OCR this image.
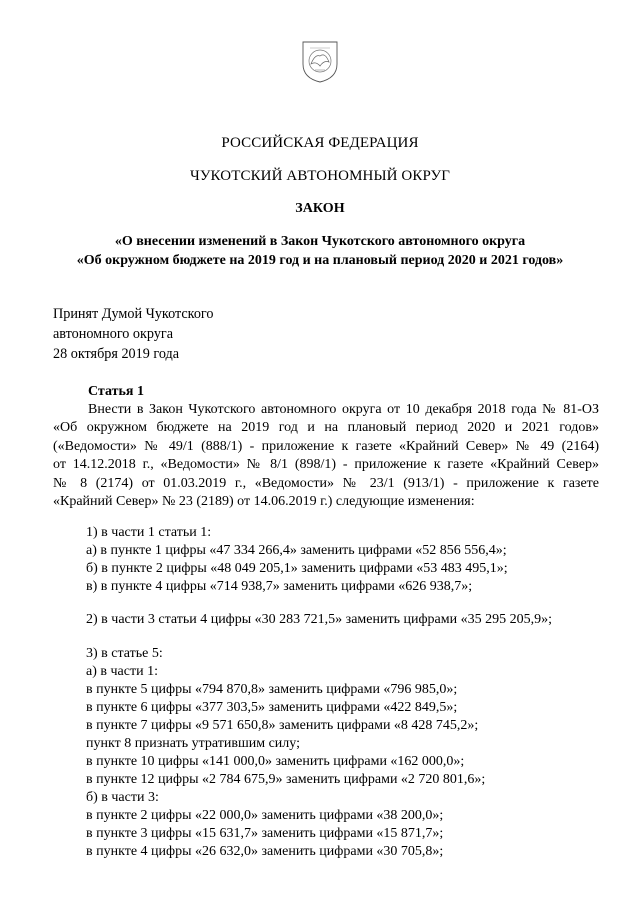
РОССИЙСКАЯ ФЕДЕРАЦИЯ
ЧУКОТСКИЙ АВТОНОМНЫЙ ОКРУГ
ЗАКОН
«О внесении изменений в Закон Чукотского автономного округа
«Об окружном бюджете на 2019 год и на плановый период 2020 и 2021 годов»
Принят Думой Чукотского
автономного округа
28 октября 2019 года
Статья 1
Внести в Закон Чукотского автономного округа от 10 декабря 2018 года № 81-ОЗ
«Об окружном бюджете на 2019 год и на плановый период 2020 и 2021 годов»
(«Ведомости» № 49/1 (888/1) - приложение к газете «Крайний Север» № 49 (2164)
от 14.12.2018 г., «Ведомости» № 8/1 (898/1) - приложение к газете «Крайний Север»
№ 8 (2174) от 01.03.2019 г., «Ведомости» № 23/1 (913/1) - приложение к газете
«Крайний Север» № 23 (2189) от 14.06.2019 г.) следующие изменения:
1) в части 1 статьи 1:
а) в пункте 1 цифры «47 334 266,4» заменить цифрами «52 856 556,4»;
б) в пункте 2 цифры «48 049 205,1» заменить цифрами «53 483 495,1»;
в) в пункте 4 цифры «714 938,7» заменить цифрами «626 938,7»;
2) в части 3 статьи 4 цифры «30 283 721,5» заменить цифрами «35 295 205,9»;
3) в статье 5:
а) в части 1:
в пункте 5 цифры «794 870,8» заменить цифрами «796 985,0»;
в пункте 6 цифры «377 303,5» заменить цифрами «422 849,5»;
в пункте 7 цифры «9 571 650,8» заменить цифрами «8 428 745,2»;
пункт 8 признать утратившим силу;
в пункте 10 цифры «141 000,0» заменить цифрами «162 000,0»;
в пункте 12 цифры «2 784 675,9» заменить цифрами «2 720 801,6»;
б) в части 3:
в пункте 2 цифры «22 000,0» заменить цифрами «38 200,0»;
в пункте 3 цифры «15 631,7» заменить цифрами «15 871,7»;
в пункте 4 цифры «26 632,0» заменить цифрами «30 705,8»;
